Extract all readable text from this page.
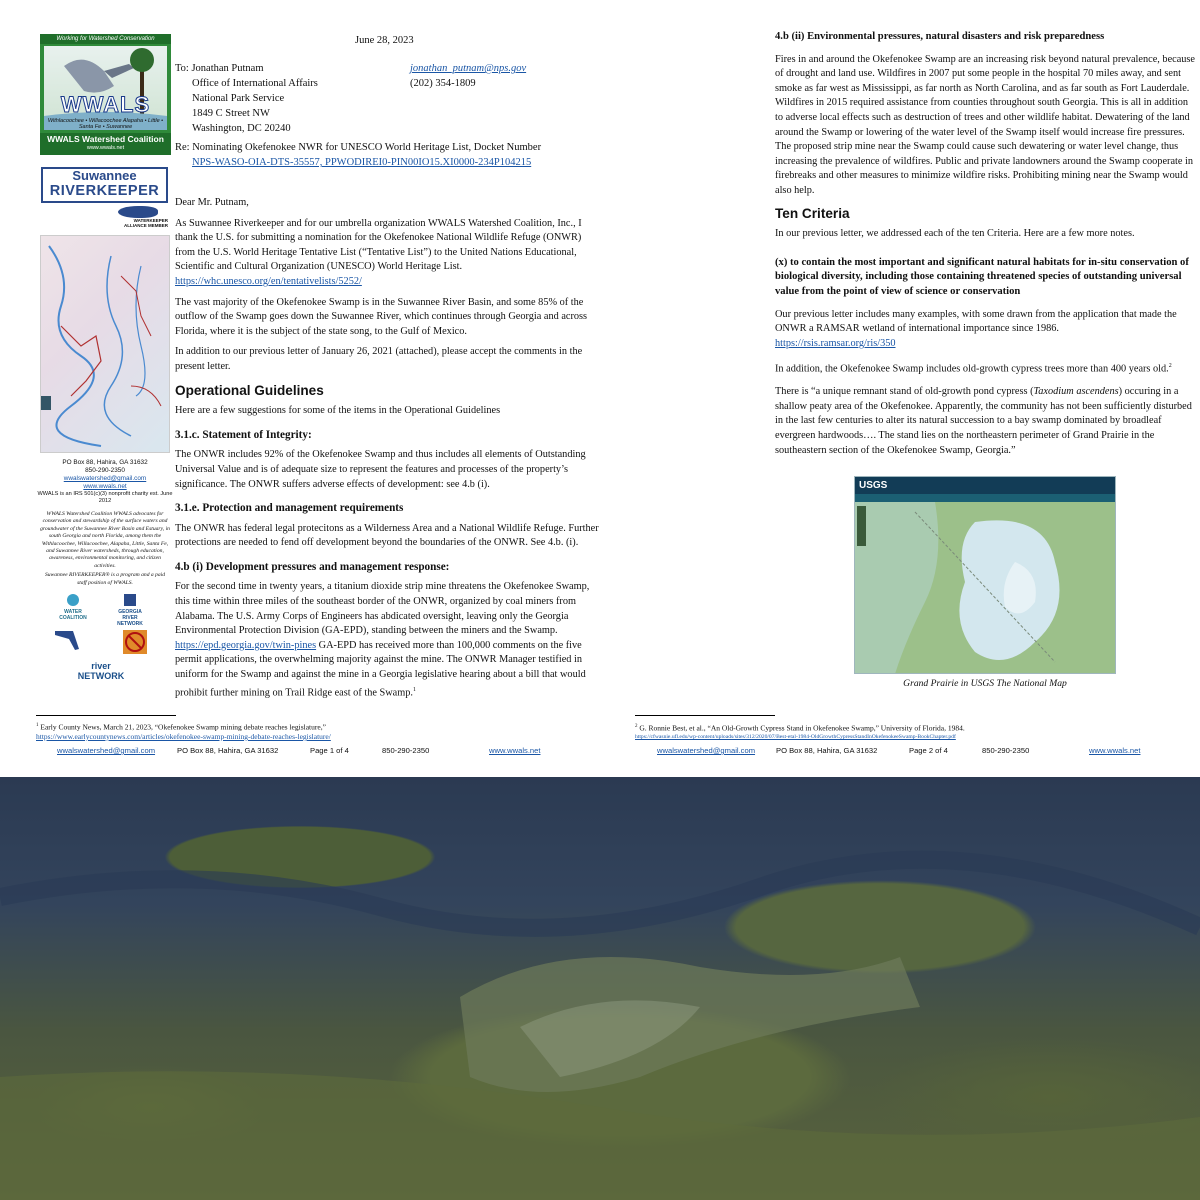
Working for Watershed Conservation
WWALS
Withlacoochee • Willacoochee Alapaha • Little • Santa Fe • Suwannee
WWALS Watershed Coalition
www.wwals.net
Suwannee
RIVERKEEPER
WATERKEEPER ALLIANCE MEMBER
PO Box 88, Hahira, GA 31632
850-290-2350
wwalswatershed@gmail.com
www.wwals.net
WWALS is an IRS 501(c)(3) nonprofit charity est. June 2012
WWALS Watershed Coalition WWALS advocates for conservation and stewardship of the surface waters and groundwater of the Suwannee River Basin and Estuary, in south Georgia and north Florida, among them the Withlacoochee, Willacoochee, Alapaha, Little, Santa Fe, and Suwannee River watersheds, through education, awareness, environmental monitoring, and citizen activities.
Suwannee RIVERKEEPER® is a program and a paid staff position of WWALS.
WATER COALITION
GEORGIA RIVER NETWORK
river NETWORK
June 28, 2023
To: Jonathan Putnam
Office of International Affairs
National Park Service
1849 C Street NW
Washington, DC 20240
jonathan_putnam@nps.gov
(202) 354-1809
Re: Nominating Okefenokee NWR for UNESCO World Heritage List, Docket Number
NPS-WASO-OIA-DTS-35557, PPWODIREI0-PIN00IO15.XI0000-234P104215

Dear Mr. Putnam,

As Suwannee Riverkeeper and for our umbrella organization WWALS Watershed Coalition, Inc., I thank the U.S. for submitting a nomination for the Okefenokee National Wildlife Refuge (ONWR) from the U.S. World Heritage Tentative List (“Tentative List”) to the United Nations Educational, Scientific and Cultural Organization (UNESCO) World Heritage List.
https://whc.unesco.org/en/tentativelists/5252/

The vast majority of the Okefenokee Swamp is in the Suwannee River Basin, and some 85% of the outflow of the Swamp goes down the Suwannee River, which continues through Georgia and across Florida, where it is the subject of the state song, to the Gulf of Mexico.

In addition to our previous letter of January 26, 2021 (attached), please accept the comments in the present letter.

Operational Guidelines

Here are a few suggestions for some of the items in the Operational Guidelines

3.1.c. Statement of Integrity:

The ONWR includes 92% of the Okefenokee Swamp and thus includes all elements of Outstanding Universal Value and is of adequate size to represent the features and processes of the property’s significance. The ONWR suffers adverse effects of development: see 4.b (i).

3.1.e. Protection and management requirements

The ONWR has federal legal protecitons as a Wilderness Area and a National Wildlife Refuge. Further protections are needed to fend off development beyond the boundaries of the ONWR. See 4.b. (i).

4.b (i) Development pressures and management response:

For the second time in twenty years, a titanium dioxide strip mine threatens the Okefenokee Swamp, this time within three miles of the southeast border of the ONWR, organized by coal miners from Alabama. The U.S. Army Corps of Engineers has abdicated oversight, leaving only the Georgia Environmental Protection Division (GA-EPD), standing between the miners and the Swamp. https://epd.georgia.gov/twin-pines GA-EPD has received more than 100,000 comments on the five permit applications, the overwhelming majority against the mine. The ONWR Manager testified in uniform for the Swamp and against the mine in a Georgia legislative hearing about a bill that would prohibit further mining on Trail Ridge east of the Swamp.$^1$

$^1$ Early County News, March 21, 2023, “Okefenokee Swamp mining debate reaches legislature,”
https://www.earlycountynews.com/articles/okefenokee-swamp-mining-debate-reaches-legislature/
wwalswatershed@gmail.com	PO Box 88, Hahira, GA 31632	Page 1 of 4	850-290-2350	www.wwals.net
4.b (ii) Environmental pressures, natural disasters and risk preparedness

Fires in and around the Okefenokee Swamp are an increasing risk beyond natural prevalence, because of drought and land use. Wildfires in 2007 put some people in the hospital 70 miles away, and sent smoke as far west as Mississippi, as far north as North Carolina, and as far south as Fort Lauderdale. Wildfires in 2015 required assistance from counties throughout south Georgia. This is all in addition to adverse local effects such as destruction of trees and other wildlife habitat. Dewatering of the land around the Swamp or lowering of the water level of the Swamp itself would increase fire pressures. The proposed strip mine near the Swamp could cause such dewatering or water level change, thus increasing the prevalence of wildfires. Public and private landowners around the Swamp cooperate in firebreaks and other measures to minimize wildfire risks. Prohibiting mining near the Swamp would also help.

Ten Criteria

In our previous letter, we addressed each of the ten Criteria. Here are a few more notes.

(x) to contain the most important and significant natural habitats for in-situ conservation of biological diversity, including those containing threatened species of outstanding universal value from the point of view of science or conservation

Our previous letter includes many examples, with some drawn from the application that made the ONWR a RAMSAR wetland of international importance since 1986.
https://rsis.ramsar.org/ris/350

In addition, the Okefenokee Swamp includes old-growth cypress trees more than 400 years old.$^2$

There is “a unique remnant stand of old-growth pond cypress (Taxodium ascendens) occuring in a shallow peaty area of the Okefenokee. Apparently, the community has not been sufficiently disturbed in the last few centuries to alter its natural succession to a bay swamp dominated by broadleaf evergreen hardwoods…. The stand lies on the northeastern perimeter of Grand Prairie in the southeastern section of the Okefenokee Swamp, Georgia.”

$^2$ G. Ronnie Best, et al., “An Old-Growth Cypress Stand in Okefenokee Swamp,” University of Florida, 1984.
https://cfwasnie.ufl.edu/wp-content/uploads/sites/312/2020/07/Best-etal-1984-OldGrowthCypressStandInOkefenokeeSwamp-BookChapter.pdf
wwalswatershed@gmail.com	PO Box 88, Hahira, GA 31632	Page 2 of 4	850-290-2350	www.wwals.net
USGS
Grand Prairie in USGS The National Map
